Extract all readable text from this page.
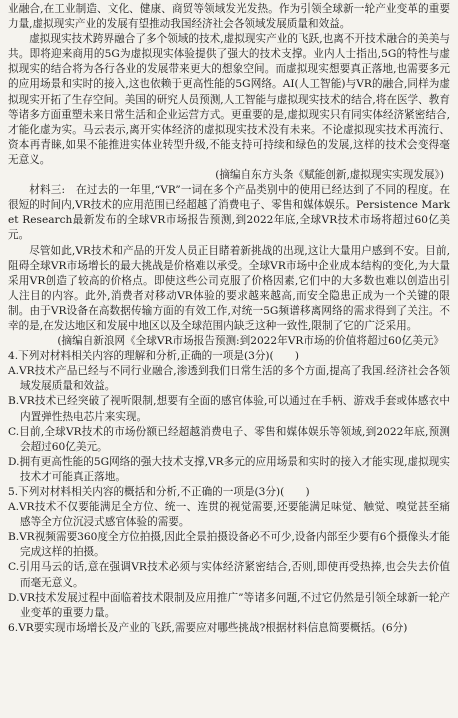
业融合,在工业制造、文化、健康、商贸等领域发光发热。作为引领全球新一轮产业变革的重要力量,虚拟现实产业的发展有望推动我国经济社会各领域发展质量和效益。

虚拟现实技术跨界融合了多个领域的技术,虚拟现实产业的飞跃,也离不开技术融合的美美与共。即将迎来商用的5G为虚拟现实体验提供了强大的技术支撑。业内人士指出,5G的特性与虚拟现实的结合将为各行各业的发展带来更大的想象空间。而虚拟现实想要真正落地,也需要多元的应用场景和实时的接入,这也依赖于更高性能的5G网络。AI(人工智能)与VR的融合,同样为虚拟现实开拓了生存空间。美国的研究人员预测,人工智能与虚拟现实技术的结合,将在医学、教育等诸多方面重塑未来日常生活和企业运营方式。更重要的是,虚拟现实只有同实体经济紧密结合,才能化虚为实。马云表示,离开实体经济的虚拟现实技术没有未来。不论虚拟现实技术再流行、资本再青睐,如果不能推进实体业转型升级,不能支持可持续和绿色的发展,这样的技术会变得毫无意义。

(摘编自东方头条《赋能创新,虚拟现实实现发展》)

材料三:　 在过去的一年里,“VR”一词在多个产品类别中的使用已经达到了不同的程度。在很短的时间内,VR技术的应用范围已经超越了消费电子、零售和媒体娱乐。Persistence Market Research最新发布的全球VR市场报告预测,到2022年底,全球VR技术市场将超过60亿美元。

尽管如此,VR技术和产品的开发人员正目睹着新挑战的出现,这让大量用户感到不安。目前,阻碍全球VR市场增长的最大挑战是价格难以承受。全球VR市场中企业成本结构的变化,为大量采用VR创造了较高的价格点。即使这些公司克服了价格因素,它们中的大多数也难以创造出引人注目的内容。此外,消费者对移动VR体验的要求越来越高,而安全隐患正成为一个关键的限制。由于VR设备在高数据传输方面的有效工作,对统一5G频谱移离网络的需求得到了关注。不幸的是,在发达地区和发展中地区以及全球范围内缺乏这种一致性,限制了它的广泛采用。

(摘编自新浪网《全球VR市场报告预测:到2022年VR市场的价值将超过60亿美元》

4.下列对材料相关内容的理解和分析,正确的一项是(3分)(　　)

A.VR技术产品已经与不同行业融合,渗透到我们日常生活的多个方面,提高了我国.经济社会各领域发展质量和效益。

B.VR技术已经突破了视听限制,想要有全面的感官体验,可以通过在手柄、游戏手套或体感衣中内置弹性热电芯片来实现。

C.目前,全球VR技术的市场份额已经超越消费电子、零售和媒体娱乐等领域,到2022年底,预测会超过60亿美元。

D.拥有更高性能的5G网络的强大技术支撑,VR多元的应用场景和实时的接入才能实现,虚拟现实技术才可能真正落地。

5.下列对材料相关内容的概括和分析,不正确的一项是(3分)(　　)

A.VR技术不仅要能满足全方位、统一、连贯的视觉需要,还要能满足味觉、触觉、嗅觉甚至痛感等全方位沉浸式感官体验的需要。

B.VR视频需要360度全方位拍摄,因此全景拍摄设备必不可少,设备内部至少要有6个摄像头才能完成这样的拍摄。

C.引用马云的话,意在强调VR技术必须与实体经济紧密结合,否则,即使再受热捧,也会失去价值而毫无意义。

D.VR技术发展过程中面临着技术限制及应用推广”等诸多问题,不过它仍然是引领全球新一轮产业变革的重要力量。

6.VR要实现市场增长及产业的飞跃,需要应对哪些挑战?根据材料信息简要概括。(6分)
